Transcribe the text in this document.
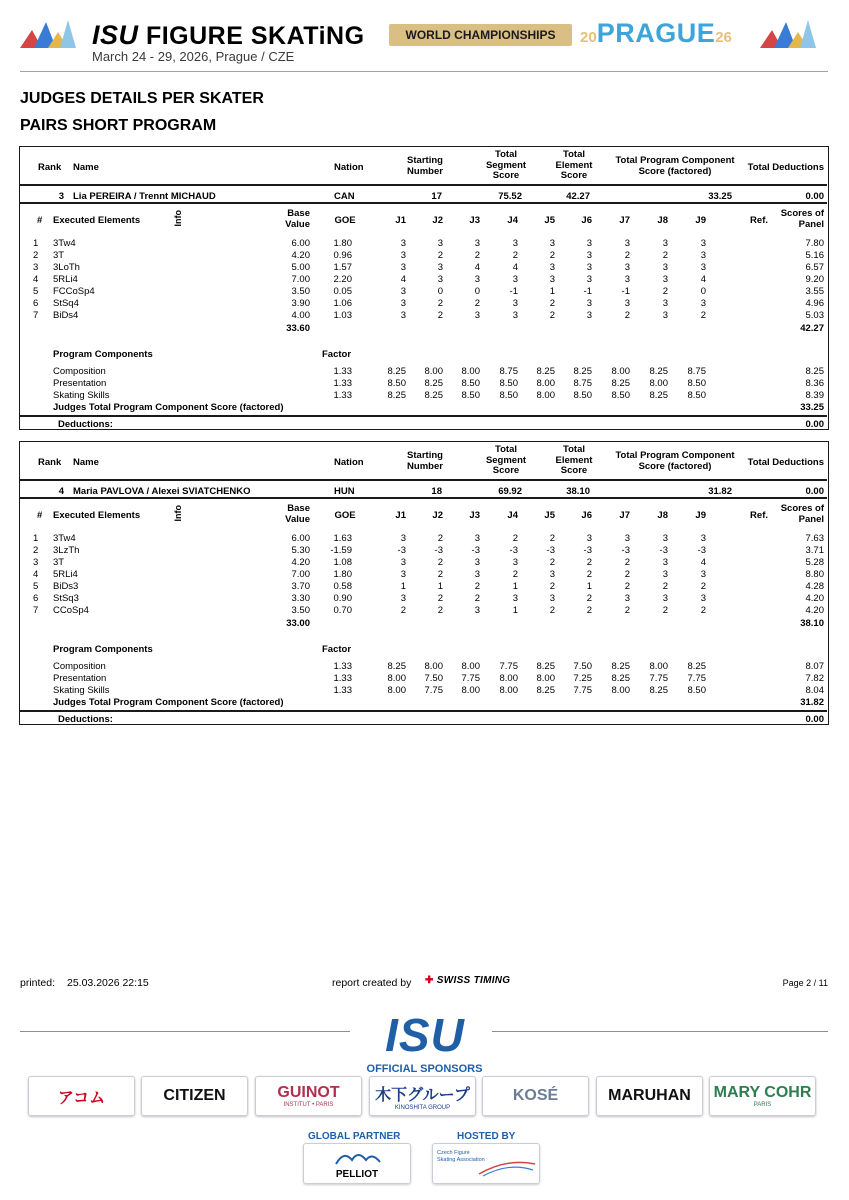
ISU FIGURE SKATiNG
March 24 - 29, 2026, Prague / CZE
WORLD CHAMPIONSHIPS	20PRAGUE26
JUDGES DETAILS PER SKATER
PAIRS SHORT PROGRAM
Rank Name	Nation
Starting
Number
Total
Segment
Score
Total
Element
Score
Total Program Component
Score (factored)	Total Deductions
3 Lia PEREIRA / Trennt MICHAUD	CAN	17	75.52	42.27	33.25	0.00
# Executed Elements	Info	Base
Value	GOE	J1	J2	J3	J4	J5	J6	J7	J8	J9	Ref.
Scores of
Panel
1	3Tw4	6.00	1.80	3	3	3	3	3	3	3	3	3	7.80
2	3T	4.20	0.96	3	2	2	2	2	3	2	2	3	5.16
3	3LoTh	5.00	1.57	3	3	4	4	3	3	3	3	3	6.57
4	5RLi4	7.00	2.20	4	3	3	3	3	3	3	3	4	9.20
5	FCCoSp4	3.50	0.05	3	0	0	-1	1	-1	-1	2	0	3.55
6	StSq4	3.90	1.06	3	2	2	3	2	3	3	3	3	4.96
7	BiDs4	4.00	1.03	3	2	3	3	2	3	2	3	2	5.03
33.60	42.27
Program Components	Factor
Composition	1.33	8.25	8.00	8.00	8.75	8.25	8.25	8.00	8.25	8.75	8.25
Presentation	1.33	8.50	8.25	8.50	8.50	8.00	8.75	8.25	8.00	8.50	8.36
Skating Skills	1.33	8.25	8.25	8.50	8.50	8.00	8.50	8.50	8.25	8.50	8.39
Judges Total Program Component Score (factored)	33.25
Deductions:	0.00
Rank Name	Nation
Starting
Number
Total
Segment
Score
Total
Element
Score
Total Program Component
Score (factored)	Total Deductions
4 Maria PAVLOVA / Alexei SVIATCHENKO	HUN	18	69.92	38.10	31.82	0.00
# Executed Elements	Info	Base
Value	GOE	J1	J2	J3	J4	J5	J6	J7	J8	J9	Ref.
Scores of
Panel
1	3Tw4	6.00	1.63	3	2	3	2	2	3	3	3	3	7.63
2	3LzTh	5.30	-1.59	-3	-3	-3	-3	-3	-3	-3	-3	-3	3.71
3	3T	4.20	1.08	3	2	3	3	2	2	2	3	4	5.28
4	5RLi4	7.00	1.80	3	2	3	2	3	2	2	3	3	8.80
5	BiDs3	3.70	0.58	1	1	2	1	2	1	2	2	2	4.28
6	StSq3	3.30	0.90	3	2	2	3	3	2	3	3	3	4.20
7	CCoSp4	3.50	0.70	2	2	3	1	2	2	2	2	2	4.20
33.00	38.10
Program Components	Factor
Composition	1.33	8.25	8.00	8.00	7.75	8.25	7.50	8.25	8.00	8.25	8.07
Presentation	1.33	8.00	7.50	7.75	8.00	8.00	7.25	8.25	7.75	7.75	7.82
Skating Skills	1.33	8.00	7.75	8.00	8.00	8.25	7.75	8.00	8.25	8.50	8.04
Judges Total Program Component Score (factored)	31.82
Deductions:	0.00
printed: 25.03.2026 22:15	report created by ✚ SWISS TIMING	Page 2 / 11
ISU
OFFICIAL SPONSORS
アコム	CITIZEN	GUINOT
INSTITUT • PARIS
木下グループ
KINOSHITA GROUP
KOSÉ	MARUHAN MARY COHR
PARIS
GLOBAL PARTNER
PELLIOT
HOSTED BY
Czech Figure Skating Association
